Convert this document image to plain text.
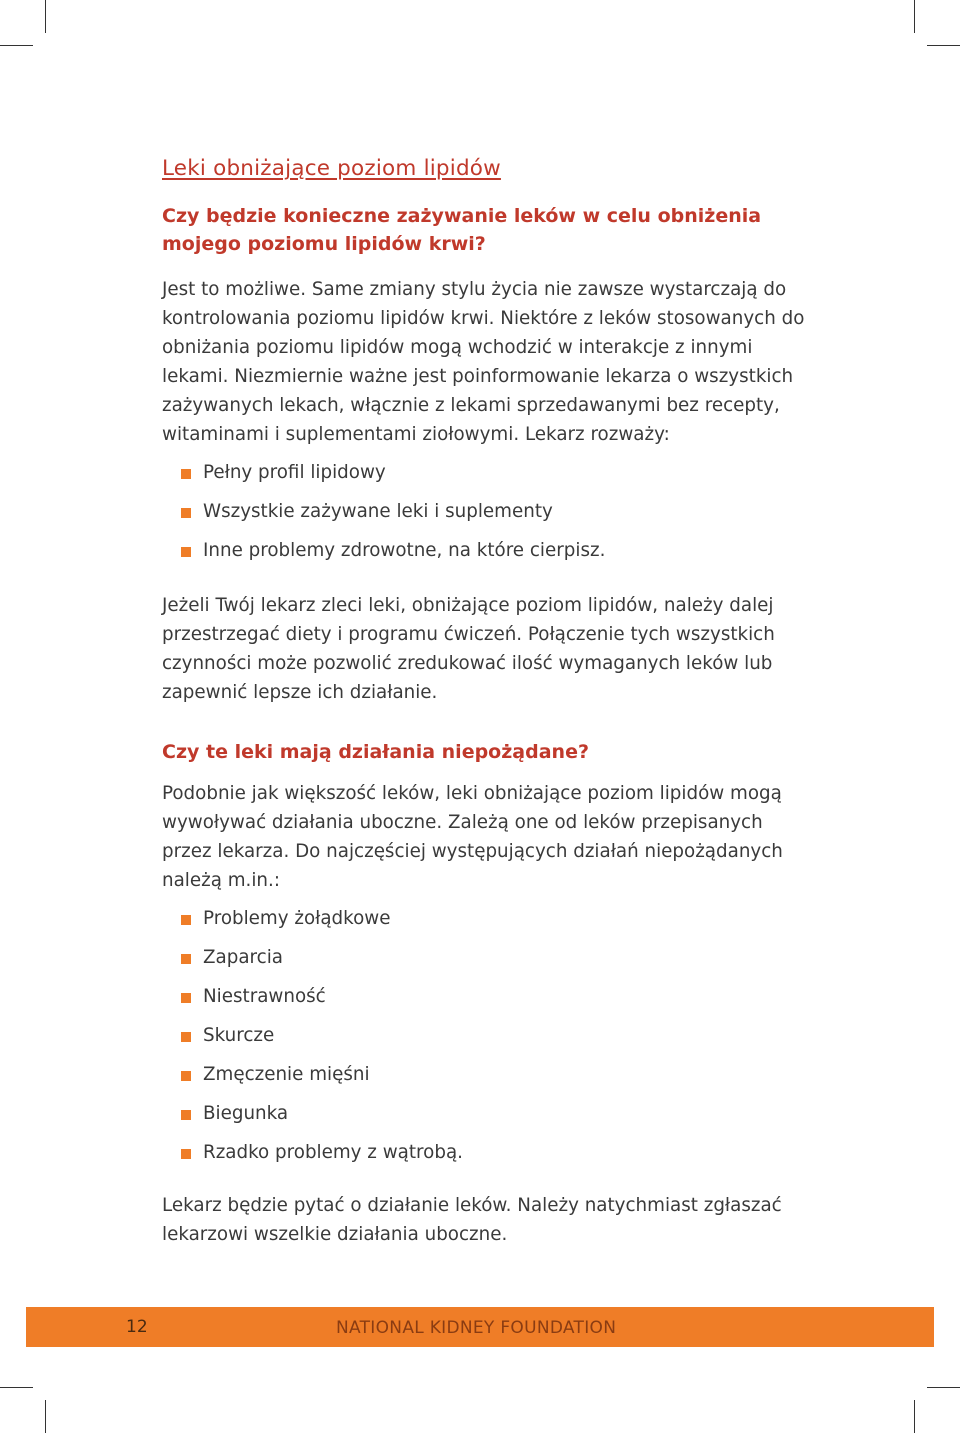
Leki obniżające poziom lipidów
Czy będzie konieczne zażywanie leków w celu obniżenia mojego poziomu lipidów krwi?

Jest to możliwe. Same zmiany stylu życia nie zawsze wystarczają do kontrolowania poziomu lipidów krwi. Niektóre z leków stosowanych do obniżania poziomu lipidów mogą wchodzić w interakcje z innymi lekami. Niezmiernie ważne jest poinformowanie lekarza o wszystkich zażywanych lekach, włącznie z lekami sprzedawanymi bez recepty, witaminami i suplementami ziołowymi. Lekarz rozważy:

Pełny profil lipidowy
Wszystkie zażywane leki i suplementy
Inne problemy zdrowotne, na które cierpisz.

Jeżeli Twój lekarz zleci leki, obniżające poziom lipidów, należy dalej przestrzegać diety i programu ćwiczeń. Połączenie tych wszystkich czynności może pozwolić zredukować ilość wymaganych leków lub zapewnić lepsze ich działanie.

Czy te leki mają działania niepożądane?

Podobnie jak większość leków, leki obniżające poziom lipidów mogą wywoływać działania uboczne. Zależą one od leków przepisanych przez lekarza. Do najczęściej występujących działań niepożądanych należą m.in.:

Problemy żołądkowe
Zaparcia
Niestrawność
Skurcze
Zmęczenie mięśni
Biegunka
Rzadko problemy z wątrobą.

Lekarz będzie pytać o działanie leków. Należy natychmiast zgłaszać lekarzowi wszelkie działania uboczne.

12	NATIONAL KIDNEY FOUNDATION
